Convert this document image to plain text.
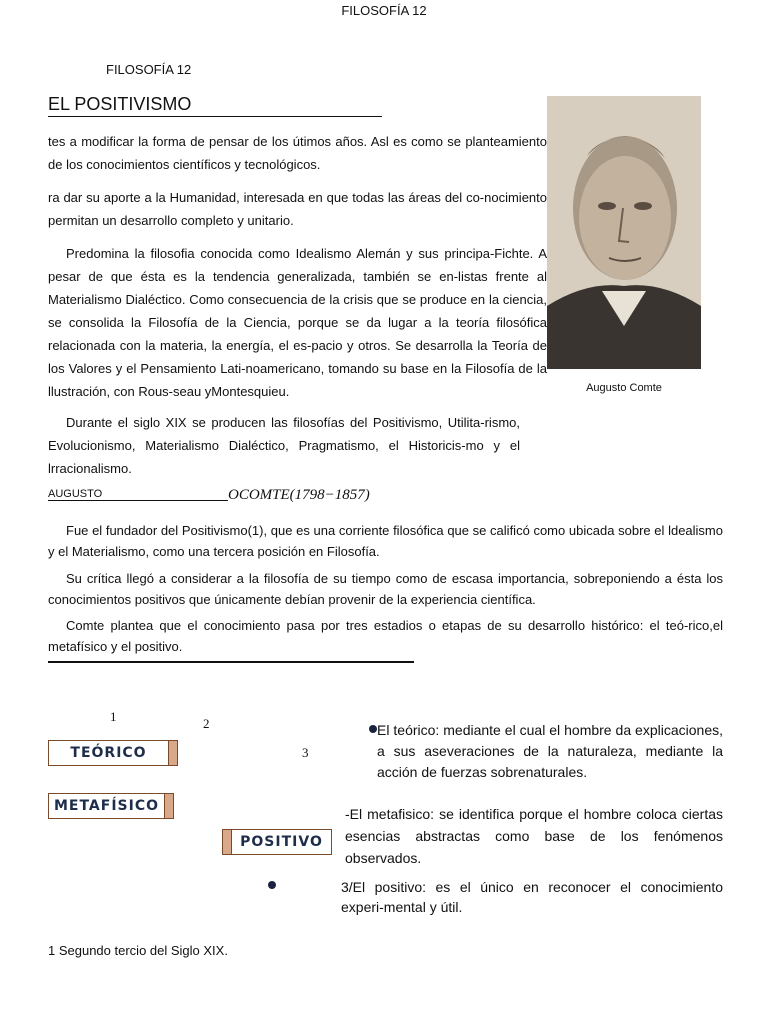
FILOSOFÍA 12
FILOSOFÍA 12
EL POSITIVISMO
tes a modificar la forma de pensar de los útimos años. Asl es como se planteamiento de los conocimientos científicos y tecnológicos.
ra dar su aporte a la Humanidad, interesada en que todas las áreas del co-nocimiento permitan un desarrollo completo y unitario.
Predomina la filosofia conocida como Idealismo Alemán y sus principa-Fichte. A pesar de que ésta es la tendencia generalizada, también se en-listas frente al Materialismo Dialéctico. Como consecuencia de la crisis que se produce en la ciencia, se consolida la Filosofía de la Ciencia, porque se da lugar a la teoría filosófica relacionada con la materia, la energía, el es-pacio y otros. Se desarrolla la Teoría de los Valores y el Pensamiento Lati-noamericano, tomando su base en la Filosofía de la llustración, con Rous-seau yMontesquieu.
Durante el siglo XIX se producen las filosofías del Positivismo, Utilita-rismo, Evolucionismo, Materialismo Dialéctico, Pragmatismo, el Historicis-mo y el lrracionalismo.
Augusto Comte
AUGUSTO	OCOMTE(1798−1857)
Fue el fundador del Positivismo(1), que es una corriente filosófica que se calificó como ubicada sobre el ldealismo y el Materialismo, como una tercera posición en Filosofía.
Su crítica llegó a considerar a la filosofía de su tiempo como de escasa importancia, sobreponiendo a ésta los conocimientos positivos que únicamente debían provenir de la experiencia científica.
Comte plantea que el conocimiento pasa por tres estadios o etapas de su desarrollo histórico: el teó-rico,el metafísico y el positivo.
1	2
3
TEÓRICO
METAFÍSICO
POSITIVO
El teórico: mediante el cual el hombre da explicaciones, a sus aseveraciones de la naturaleza, mediante la acción de fuerzas sobrenaturales.
-El metafisico: se identifica porque el hombre coloca ciertas esencias abstractas como base de los fenómenos observados.
3/El positivo: es el único en reconocer el conocimiento experi-mental y útil.
1 Segundo tercio del Siglo XIX.
